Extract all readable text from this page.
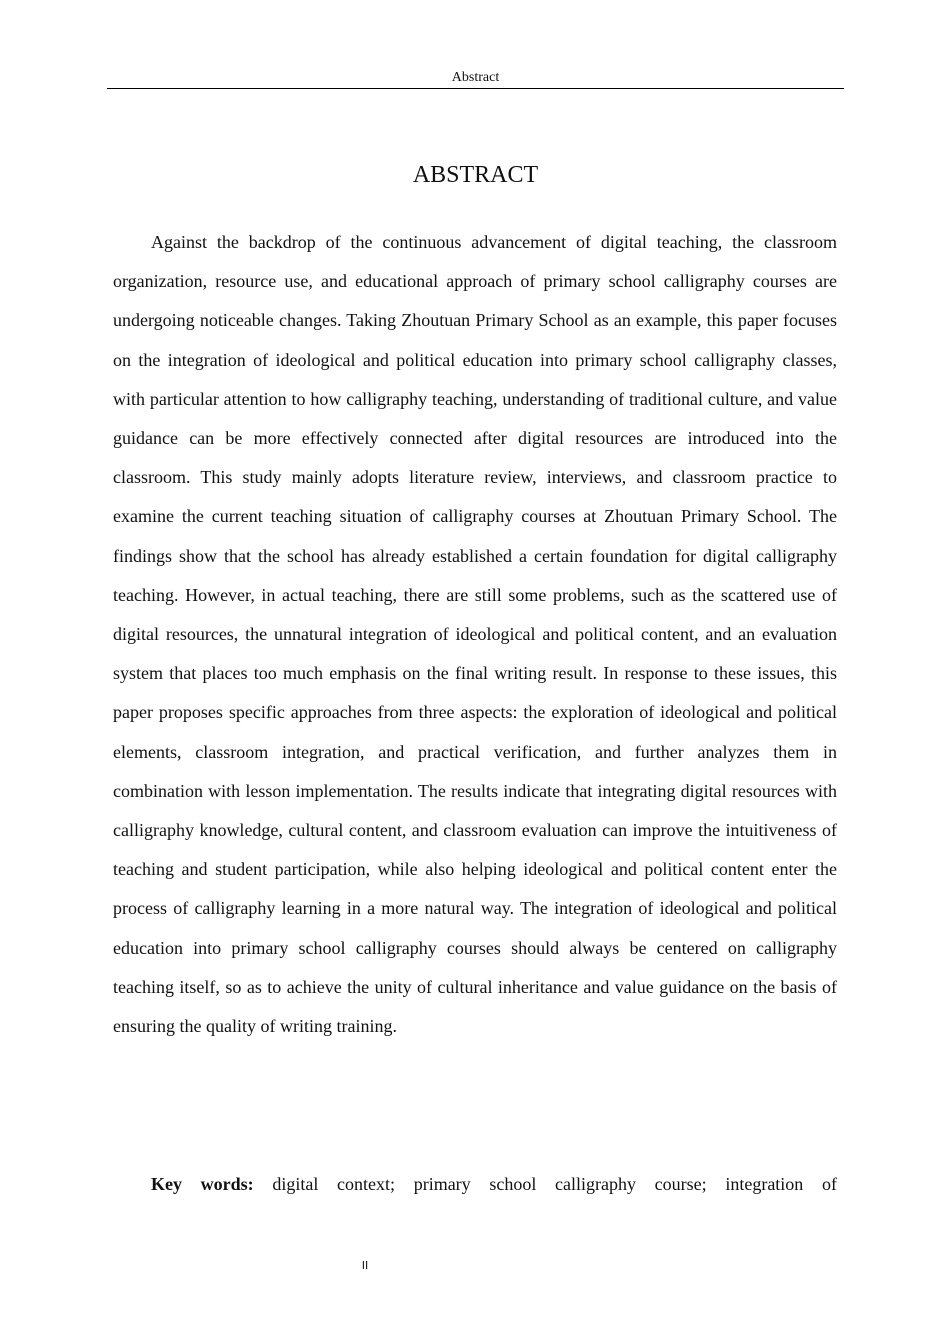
Abstract
ABSTRACT

Against the backdrop of the continuous advancement of digital teaching, the classroom organization, resource use, and educational approach of primary school calligraphy courses are undergoing noticeable changes. Taking Zhoutuan Primary School as an example, this paper focuses on the integration of ideological and political education into primary school calligraphy classes, with particular attention to how calligraphy teaching, understanding of traditional culture, and value guidance can be more effectively connected after digital resources are introduced into the classroom. This study mainly adopts literature review, interviews, and classroom practice to examine the current teaching situation of calligraphy courses at Zhoutuan Primary School. The findings show that the school has already established a certain foundation for digital calligraphy teaching. However, in actual teaching, there are still some problems, such as the scattered use of digital resources, the unnatural integration of ideological and political content, and an evaluation system that places too much emphasis on the final writing result. In response to these issues, this paper proposes specific approaches from three aspects: the exploration of ideological and political elements, classroom integration, and practical verification, and further analyzes them in combination with lesson implementation. The results indicate that integrating digital resources with calligraphy knowledge, cultural content, and classroom evaluation can improve the intuitiveness of teaching and student participation, while also helping ideological and political content enter the process of calligraphy learning in a more natural way. The integration of ideological and political education into primary school calligraphy courses should always be centered on calligraphy teaching itself, so as to achieve the unity of cultural inheritance and value guidance on the basis of ensuring the quality of writing training.

Key words: digital context; primary school calligraphy course; integration of

II
